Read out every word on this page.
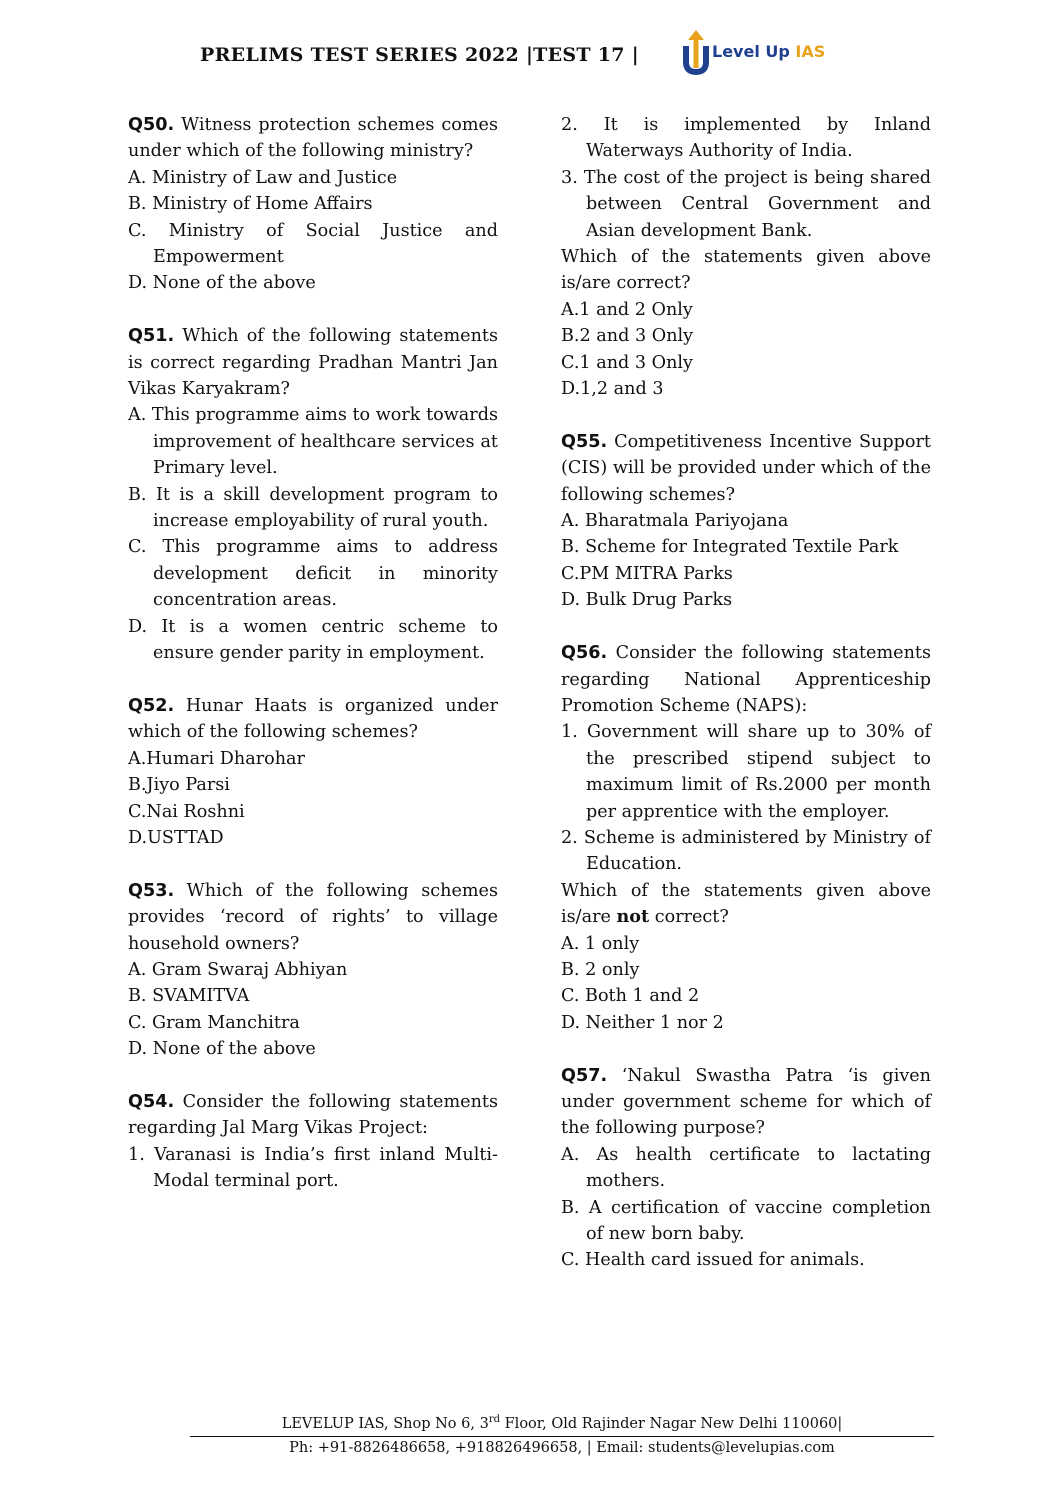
PRELIMS TEST SERIES 2022 |TEST 17 |	Level Up IAS

Q50. Witness protection schemes comes under which of the following ministry?

A. Ministry of Law and Justice

B. Ministry of Home Affairs

C. Ministry of Social Justice and Empowerment

D. None of the above

Q51. Which of the following statements is correct regarding Pradhan Mantri Jan Vikas Karyakram?

A. This programme aims to work towards improvement of healthcare services at Primary level.

B. It is a skill development program to increase employability of rural youth.

C. This programme aims to address development deficit in minority concentration areas.

D. It is a women centric scheme to ensure gender parity in employment.

Q52. Hunar Haats is organized under which of the following schemes?

A.Humari Dharohar

B.Jiyo Parsi

C.Nai Roshni

D.USTTAD

Q53. Which of the following schemes provides ‘record of rights’ to village household owners?

A. Gram Swaraj Abhiyan

B. SVAMITVA

C. Gram Manchitra

D. None of the above

Q54. Consider the following statements regarding Jal Marg Vikas Project:

1. Varanasi is India’s first inland Multi-Modal terminal port.

2. It is implemented by Inland Waterways Authority of India.

3. The cost of the project is being shared between Central Government and Asian development Bank.

Which of the statements given above is/are correct?

A.1 and 2 Only

B.2 and 3 Only

C.1 and 3 Only

D.1,2 and 3

Q55. Competitiveness Incentive Support (CIS) will be provided under which of the following schemes?

A. Bharatmala Pariyojana

B. Scheme for Integrated Textile Park

C.PM MITRA Parks

D. Bulk Drug Parks

Q56. Consider the following statements regarding National Apprenticeship Promotion Scheme (NAPS):

1. Government will share up to 30% of the prescribed stipend subject to maximum limit of Rs.2000 per month per apprentice with the employer.

2. Scheme is administered by Ministry of Education.

Which of the statements given above is/are not correct?

A. 1 only

B. 2 only

C. Both 1 and 2

D. Neither 1 nor 2

Q57. ‘Nakul Swastha Patra ‘is given under government scheme for which of the following purpose?

A. As health certificate to lactating mothers.

B. A certification of vaccine completion of new born baby.

C. Health card issued for animals.

LEVELUP IAS, Shop No 6, 3rd Floor, Old Rajinder Nagar New Delhi 110060|
Ph: +91-8826486658, +918826496658, | Email: students@levelupias.com
